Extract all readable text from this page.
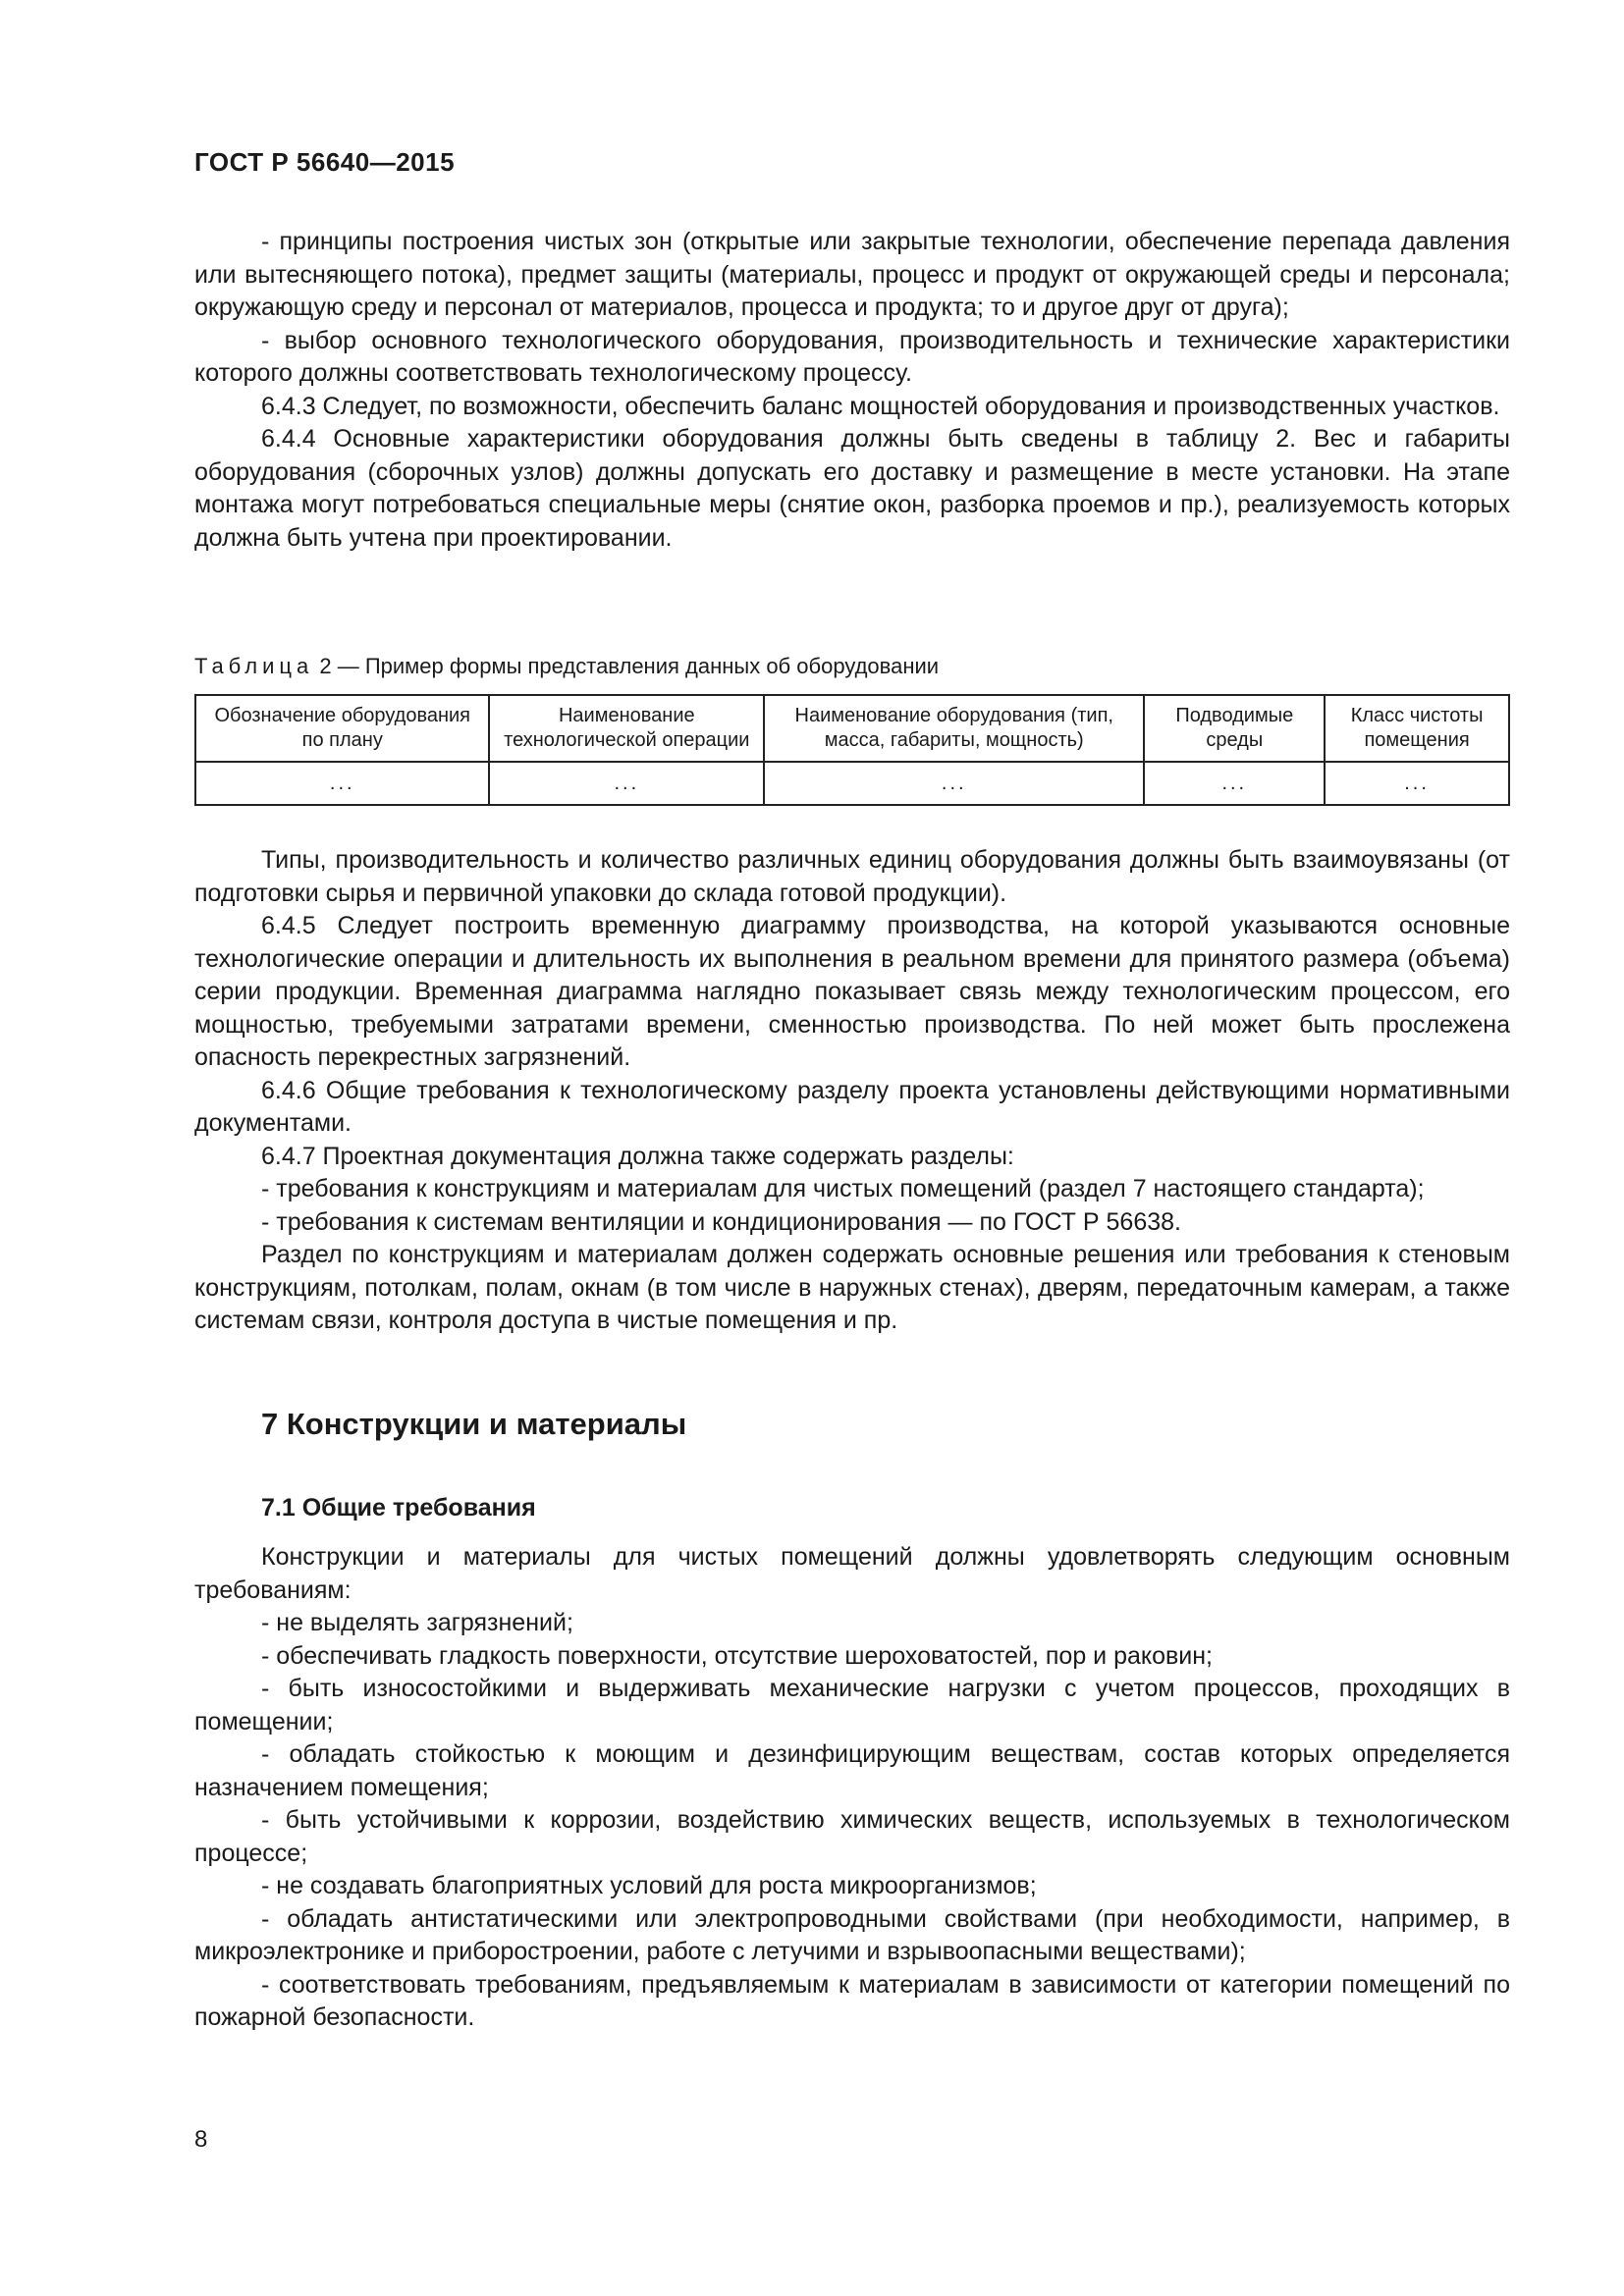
ГОСТ Р 56640—2015

- принципы построения чистых зон (открытые или закрытые технологии, обеспечение перепада давления или вытесняющего потока), предмет защиты (материалы, процесс и продукт от окружающей среды и персонала; окружающую среду и персонал от материалов, процесса и продукта; то и другое друг от друга);

- выбор основного технологического оборудования, производительность и технические характеристики которого должны соответствовать технологическому процессу.

6.4.3 Следует, по возможности, обеспечить баланс мощностей оборудования и производственных участков.

6.4.4 Основные характеристики оборудования должны быть сведены в таблицу 2. Вес и габариты оборудования (сборочных узлов) должны допускать его доставку и размещение в месте установки. На этапе монтажа могут потребоваться специальные меры (снятие окон, разборка проемов и пр.), реализуемость которых должна быть учтена при проектировании.

Таблица 2 — Пример формы представления данных об оборудовании
Обозначение оборудования по плану	Наименование технологической операции	Наименование оборудования (тип, масса, габариты, мощность)	Подводимые среды	Класс чистоты помещения
...	...	...	...	...

Типы, производительность и количество различных единиц оборудования должны быть взаимоувязаны (от подготовки сырья и первичной упаковки до склада готовой продукции).

6.4.5 Следует построить временную диаграмму производства, на которой указываются основные технологические операции и длительность их выполнения в реальном времени для принятого размера (объема) серии продукции. Временная диаграмма наглядно показывает связь между технологическим процессом, его мощностью, требуемыми затратами времени, сменностью производства. По ней может быть прослежена опасность перекрестных загрязнений.

6.4.6 Общие требования к технологическому разделу проекта установлены действующими нормативными документами.

6.4.7 Проектная документация должна также содержать разделы:

- требования к конструкциям и материалам для чистых помещений (раздел 7 настоящего стандарта);

- требования к системам вентиляции и кондиционирования — по ГОСТ Р 56638.

Раздел по конструкциям и материалам должен содержать основные решения или требования к стеновым конструкциям, потолкам, полам, окнам (в том числе в наружных стенах), дверям, передаточным камерам, а также системам связи, контроля доступа в чистые помещения и пр.

7 Конструкции и материалы
7.1 Общие требования

Конструкции и материалы для чистых помещений должны удовлетворять следующим основным требованиям:

- не выделять загрязнений;

- обеспечивать гладкость поверхности, отсутствие шероховатостей, пор и раковин;

- быть износостойкими и выдерживать механические нагрузки с учетом процессов, проходящих в помещении;

- обладать стойкостью к моющим и дезинфицирующим веществам, состав которых определяется назначением помещения;

- быть устойчивыми к коррозии, воздействию химических веществ, используемых в технологическом процессе;

- не создавать благоприятных условий для роста микроорганизмов;

- обладать антистатическими или электропроводными свойствами (при необходимости, например, в микроэлектронике и приборостроении, работе с летучими и взрывоопасными веществами);

- соответствовать требованиям, предъявляемым к материалам в зависимости от категории помещений по пожарной безопасности.

8
